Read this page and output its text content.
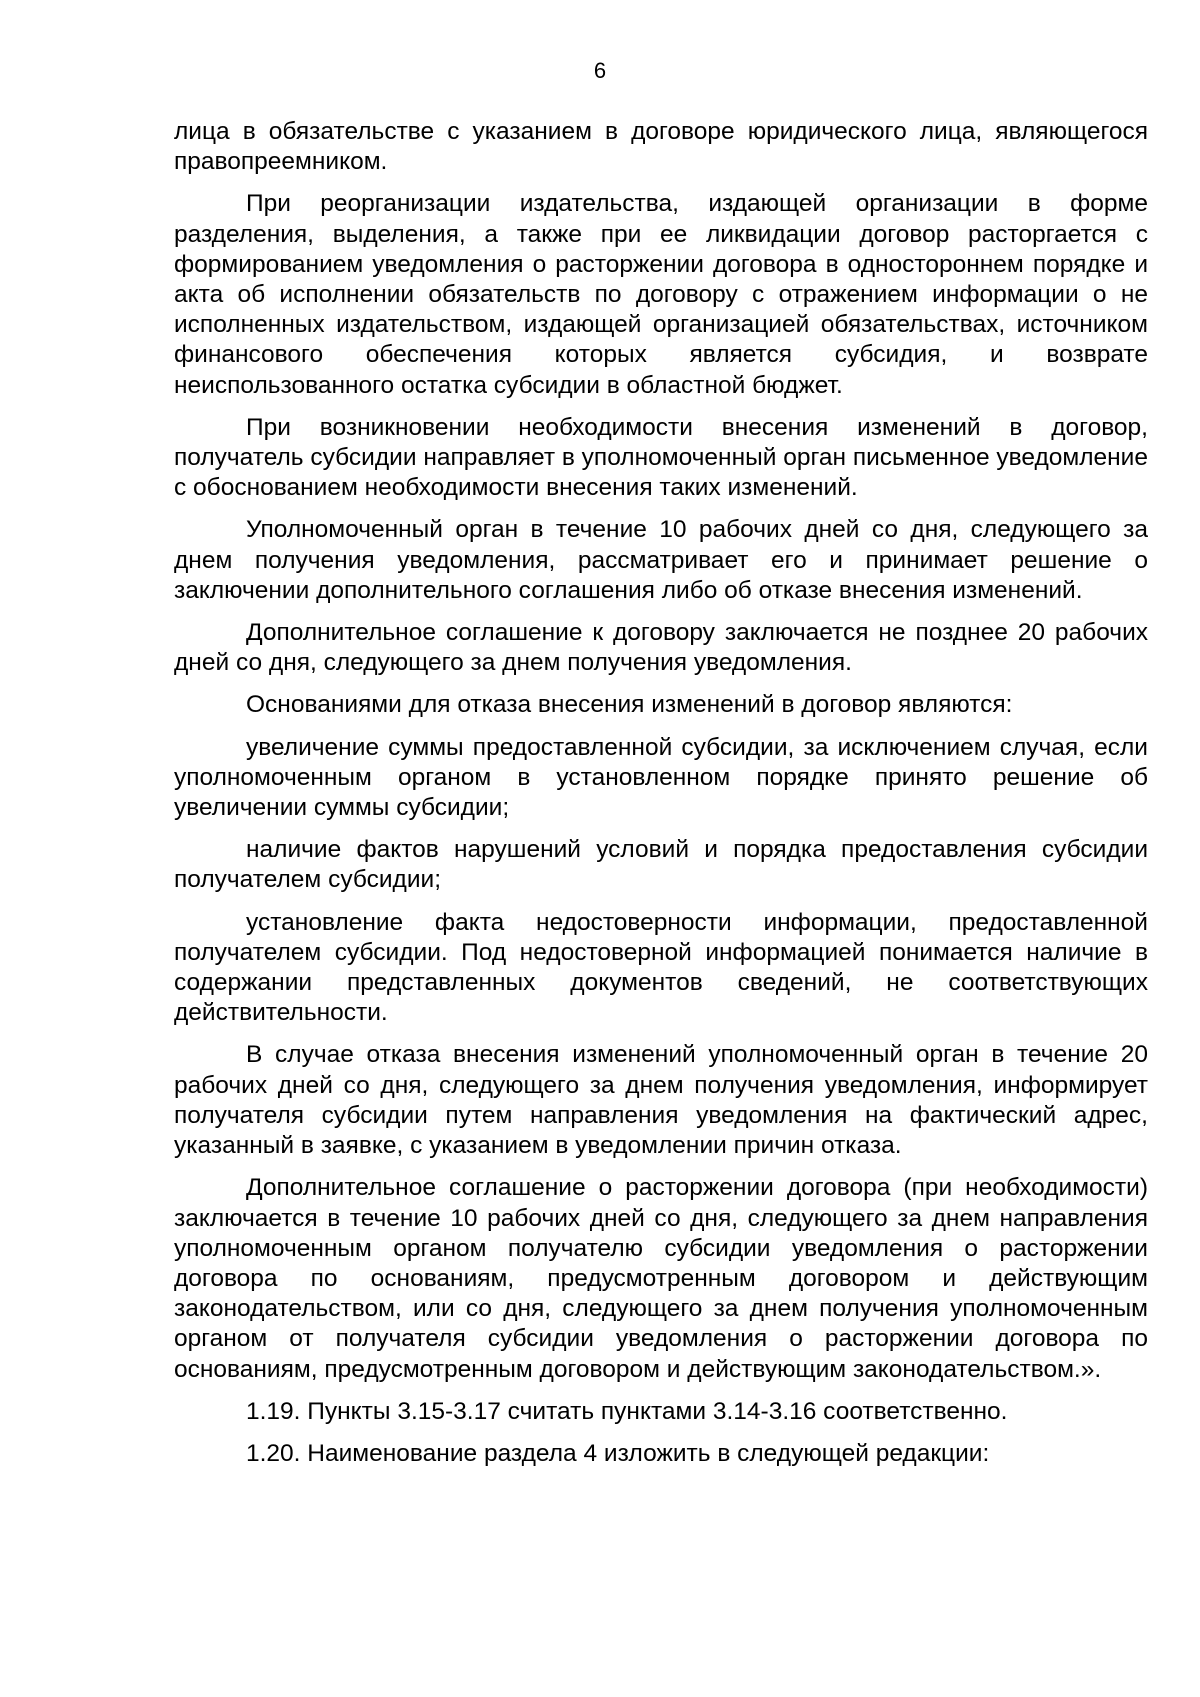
6

лица в обязательстве с указанием в договоре юридического лица, являющегося правопреемником.

При реорганизации издательства, издающей организации в форме разделения, выделения, а также при ее ликвидации договор расторгается с формированием уведомления о расторжении договора в одностороннем порядке и акта об исполнении обязательств по договору с отражением информации о не исполненных издательством, издающей организацией обязательствах, источником финансового обеспечения которых является субсидия, и возврате неиспользованного остатка субсидии в областной бюджет.

При возникновении необходимости внесения изменений в договор, получатель субсидии направляет в уполномоченный орган письменное уведомление с обоснованием необходимости внесения таких изменений.

Уполномоченный орган в течение 10 рабочих дней со дня, следующего за днем получения уведомления, рассматривает его и принимает решение о заключении дополнительного соглашения либо об отказе внесения изменений.

Дополнительное соглашение к договору заключается не позднее 20 рабочих дней со дня, следующего за днем получения уведомления.

Основаниями для отказа внесения изменений в договор являются:

увеличение суммы предоставленной субсидии, за исключением случая, если уполномоченным органом в установленном порядке принято решение об увеличении суммы субсидии;

наличие фактов нарушений условий и порядка предоставления субсидии получателем субсидии;

установление факта недостоверности информации, предоставленной получателем субсидии. Под недостоверной информацией понимается наличие в содержании представленных документов сведений, не соответствующих действительности.

В случае отказа внесения изменений уполномоченный орган в течение 20 рабочих дней со дня, следующего за днем получения уведомления, информирует получателя субсидии путем направления уведомления на фактический адрес, указанный в заявке, с указанием в уведомлении причин отказа.

Дополнительное соглашение о расторжении договора (при необходимости) заключается в течение 10 рабочих дней со дня, следующего за днем направления уполномоченным органом получателю субсидии уведомления о расторжении договора по основаниям, предусмотренным договором и действующим законодательством, или со дня, следующего за днем получения уполномоченным органом от получателя субсидии уведомления о расторжении договора по основаниям, предусмотренным договором и действующим законодательством.».

1.19. Пункты 3.15-3.17 считать пунктами 3.14-3.16 соответственно.

1.20. Наименование раздела 4 изложить в следующей редакции:
